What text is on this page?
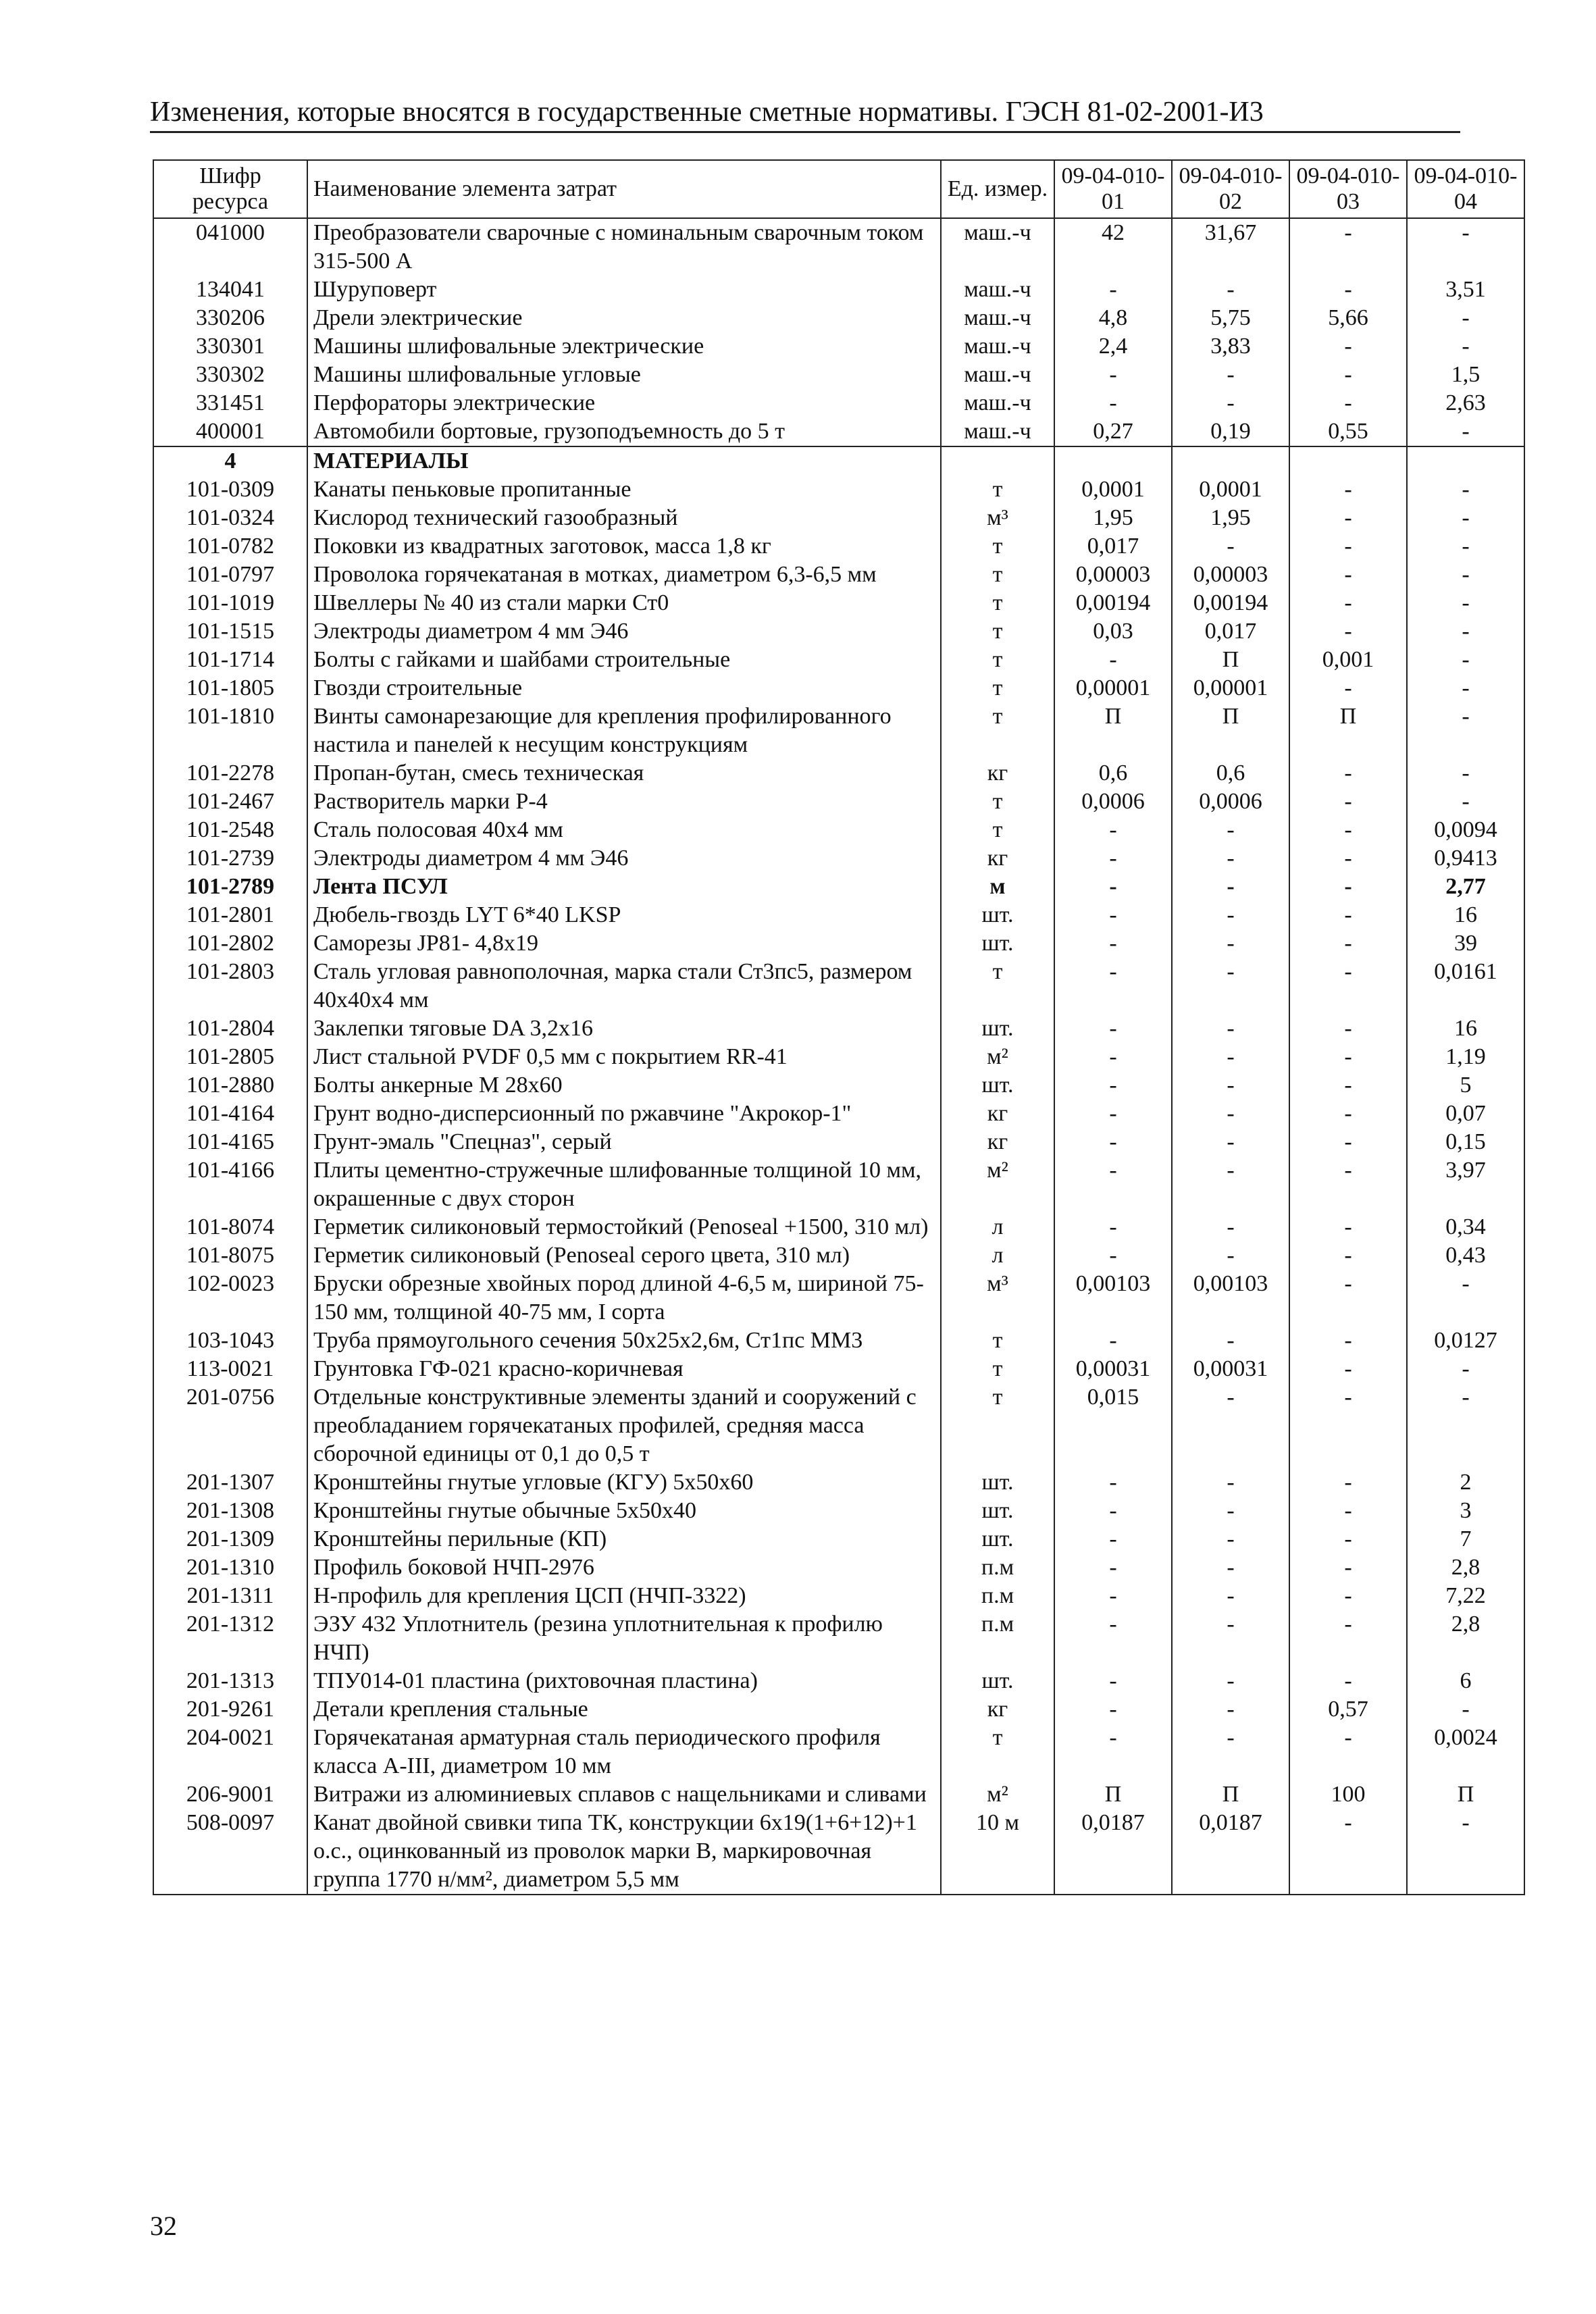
Изменения, которые вносятся в государственные сметные нормативы. ГЭСН 81-02-2001-И3
Шифр ресурса	Наименование элемента затрат	Ед. измер.	09-04-010-01	09-04-010-02	09-04-010-03	09-04-010-04
041000	Преобразователи сварочные с номинальным сварочным током 315-500 А	маш.-ч	42	31,67	-	-
134041	Шуруповерт	маш.-ч	-	-	-	3,51
330206	Дрели электрические	маш.-ч	4,8	5,75	5,66	-
330301	Машины шлифовальные электрические	маш.-ч	2,4	3,83	-	-
330302	Машины шлифовальные угловые	маш.-ч	-	-	-	1,5
331451	Перфораторы электрические	маш.-ч	-	-	-	2,63
400001	Автомобили бортовые, грузоподъемность до 5 т	маш.-ч	0,27	0,19	0,55	-
4	МАТЕРИАЛЫ					
101-0309	Канаты пеньковые пропитанные	т	0,0001	0,0001	-	-
101-0324	Кислород технический газообразный	м³	1,95	1,95	-	-
101-0782	Поковки из квадратных заготовок, масса 1,8 кг	т	0,017	-	-	-
101-0797	Проволока горячекатаная в мотках, диаметром 6,3-6,5 мм	т	0,00003	0,00003	-	-
101-1019	Швеллеры № 40 из стали марки Ст0	т	0,00194	0,00194	-	-
101-1515	Электроды диаметром 4 мм Э46	т	0,03	0,017	-	-
101-1714	Болты с гайками и шайбами строительные	т	-	П	0,001	-
101-1805	Гвозди строительные	т	0,00001	0,00001	-	-
101-1810	Винты самонарезающие для крепления профилированного настила и панелей к несущим конструкциям	т	П	П	П	-
101-2278	Пропан-бутан, смесь техническая	кг	0,6	0,6	-	-
101-2467	Растворитель марки Р-4	т	0,0006	0,0006	-	-
101-2548	Сталь полосовая 40х4 мм	т	-	-	-	0,0094
101-2739	Электроды диаметром 4 мм Э46	кг	-	-	-	0,9413
101-2789	Лента ПСУЛ	м	-	-	-	2,77
101-2801	Дюбель-гвоздь LYT 6*40 LKSP	шт.	-	-	-	16
101-2802	Саморезы JP81- 4,8х19	шт.	-	-	-	39
101-2803	Сталь угловая равнополочная, марка стали Ст3пс5, размером 40х40х4 мм	т	-	-	-	0,0161
101-2804	Заклепки тяговые DA 3,2х16	шт.	-	-	-	16
101-2805	Лист стальной PVDF 0,5 мм с покрытием RR-41	м²	-	-	-	1,19
101-2880	Болты анкерные М 28х60	шт.	-	-	-	5
101-4164	Грунт водно-дисперсионный по ржавчине "Акрокор-1"	кг	-	-	-	0,07
101-4165	Грунт-эмаль "Спецназ", серый	кг	-	-	-	0,15
101-4166	Плиты цементно-стружечные шлифованные толщиной 10 мм, окрашенные с двух сторон	м²	-	-	-	3,97
101-8074	Герметик силиконовый термостойкий (Penoseal +1500, 310 мл)	л	-	-	-	0,34
101-8075	Герметик силиконовый (Penoseal серого цвета, 310 мл)	л	-	-	-	0,43
102-0023	Бруски обрезные хвойных пород длиной 4-6,5 м, шириной 75-150 мм, толщиной 40-75 мм, I сорта	м³	0,00103	0,00103	-	-
103-1043	Труба прямоугольного сечения 50х25х2,6м, Ст1пс ММ3	т	-	-	-	0,0127
113-0021	Грунтовка ГФ-021 красно-коричневая	т	0,00031	0,00031	-	-
201-0756	Отдельные конструктивные элементы зданий и сооружений с преобладанием горячекатаных профилей, средняя масса сборочной единицы от 0,1 до 0,5 т	т	0,015	-	-	-
201-1307	Кронштейны гнутые угловые (КГУ) 5х50х60	шт.	-	-	-	2
201-1308	Кронштейны гнутые обычные 5х50х40	шт.	-	-	-	3
201-1309	Кронштейны перильные (КП)	шт.	-	-	-	7
201-1310	Профиль боковой НЧП-2976	п.м	-	-	-	2,8
201-1311	Н-профиль для крепления ЦСП (НЧП-3322)	п.м	-	-	-	7,22
201-1312	ЭЗУ 432 Уплотнитель (резина уплотнительная к профилю НЧП)	п.м	-	-	-	2,8
201-1313	ТПУ014-01 пластина (рихтовочная пластина)	шт.	-	-	-	6
201-9261	Детали крепления стальные	кг	-	-	0,57	-
204-0021	Горячекатаная арматурная сталь периодического профиля класса А-III, диаметром 10 мм	т	-	-	-	0,0024
206-9001	Витражи из алюминиевых сплавов с нащельниками и сливами	м²	П	П	100	П
508-0097	Канат двойной свивки типа ТК, конструкции 6х19(1+6+12)+1 о.с., оцинкованный из проволок марки В, маркировочная группа 1770 н/мм², диаметром 5,5 мм	10 м	0,0187	0,0187	-	-
32
